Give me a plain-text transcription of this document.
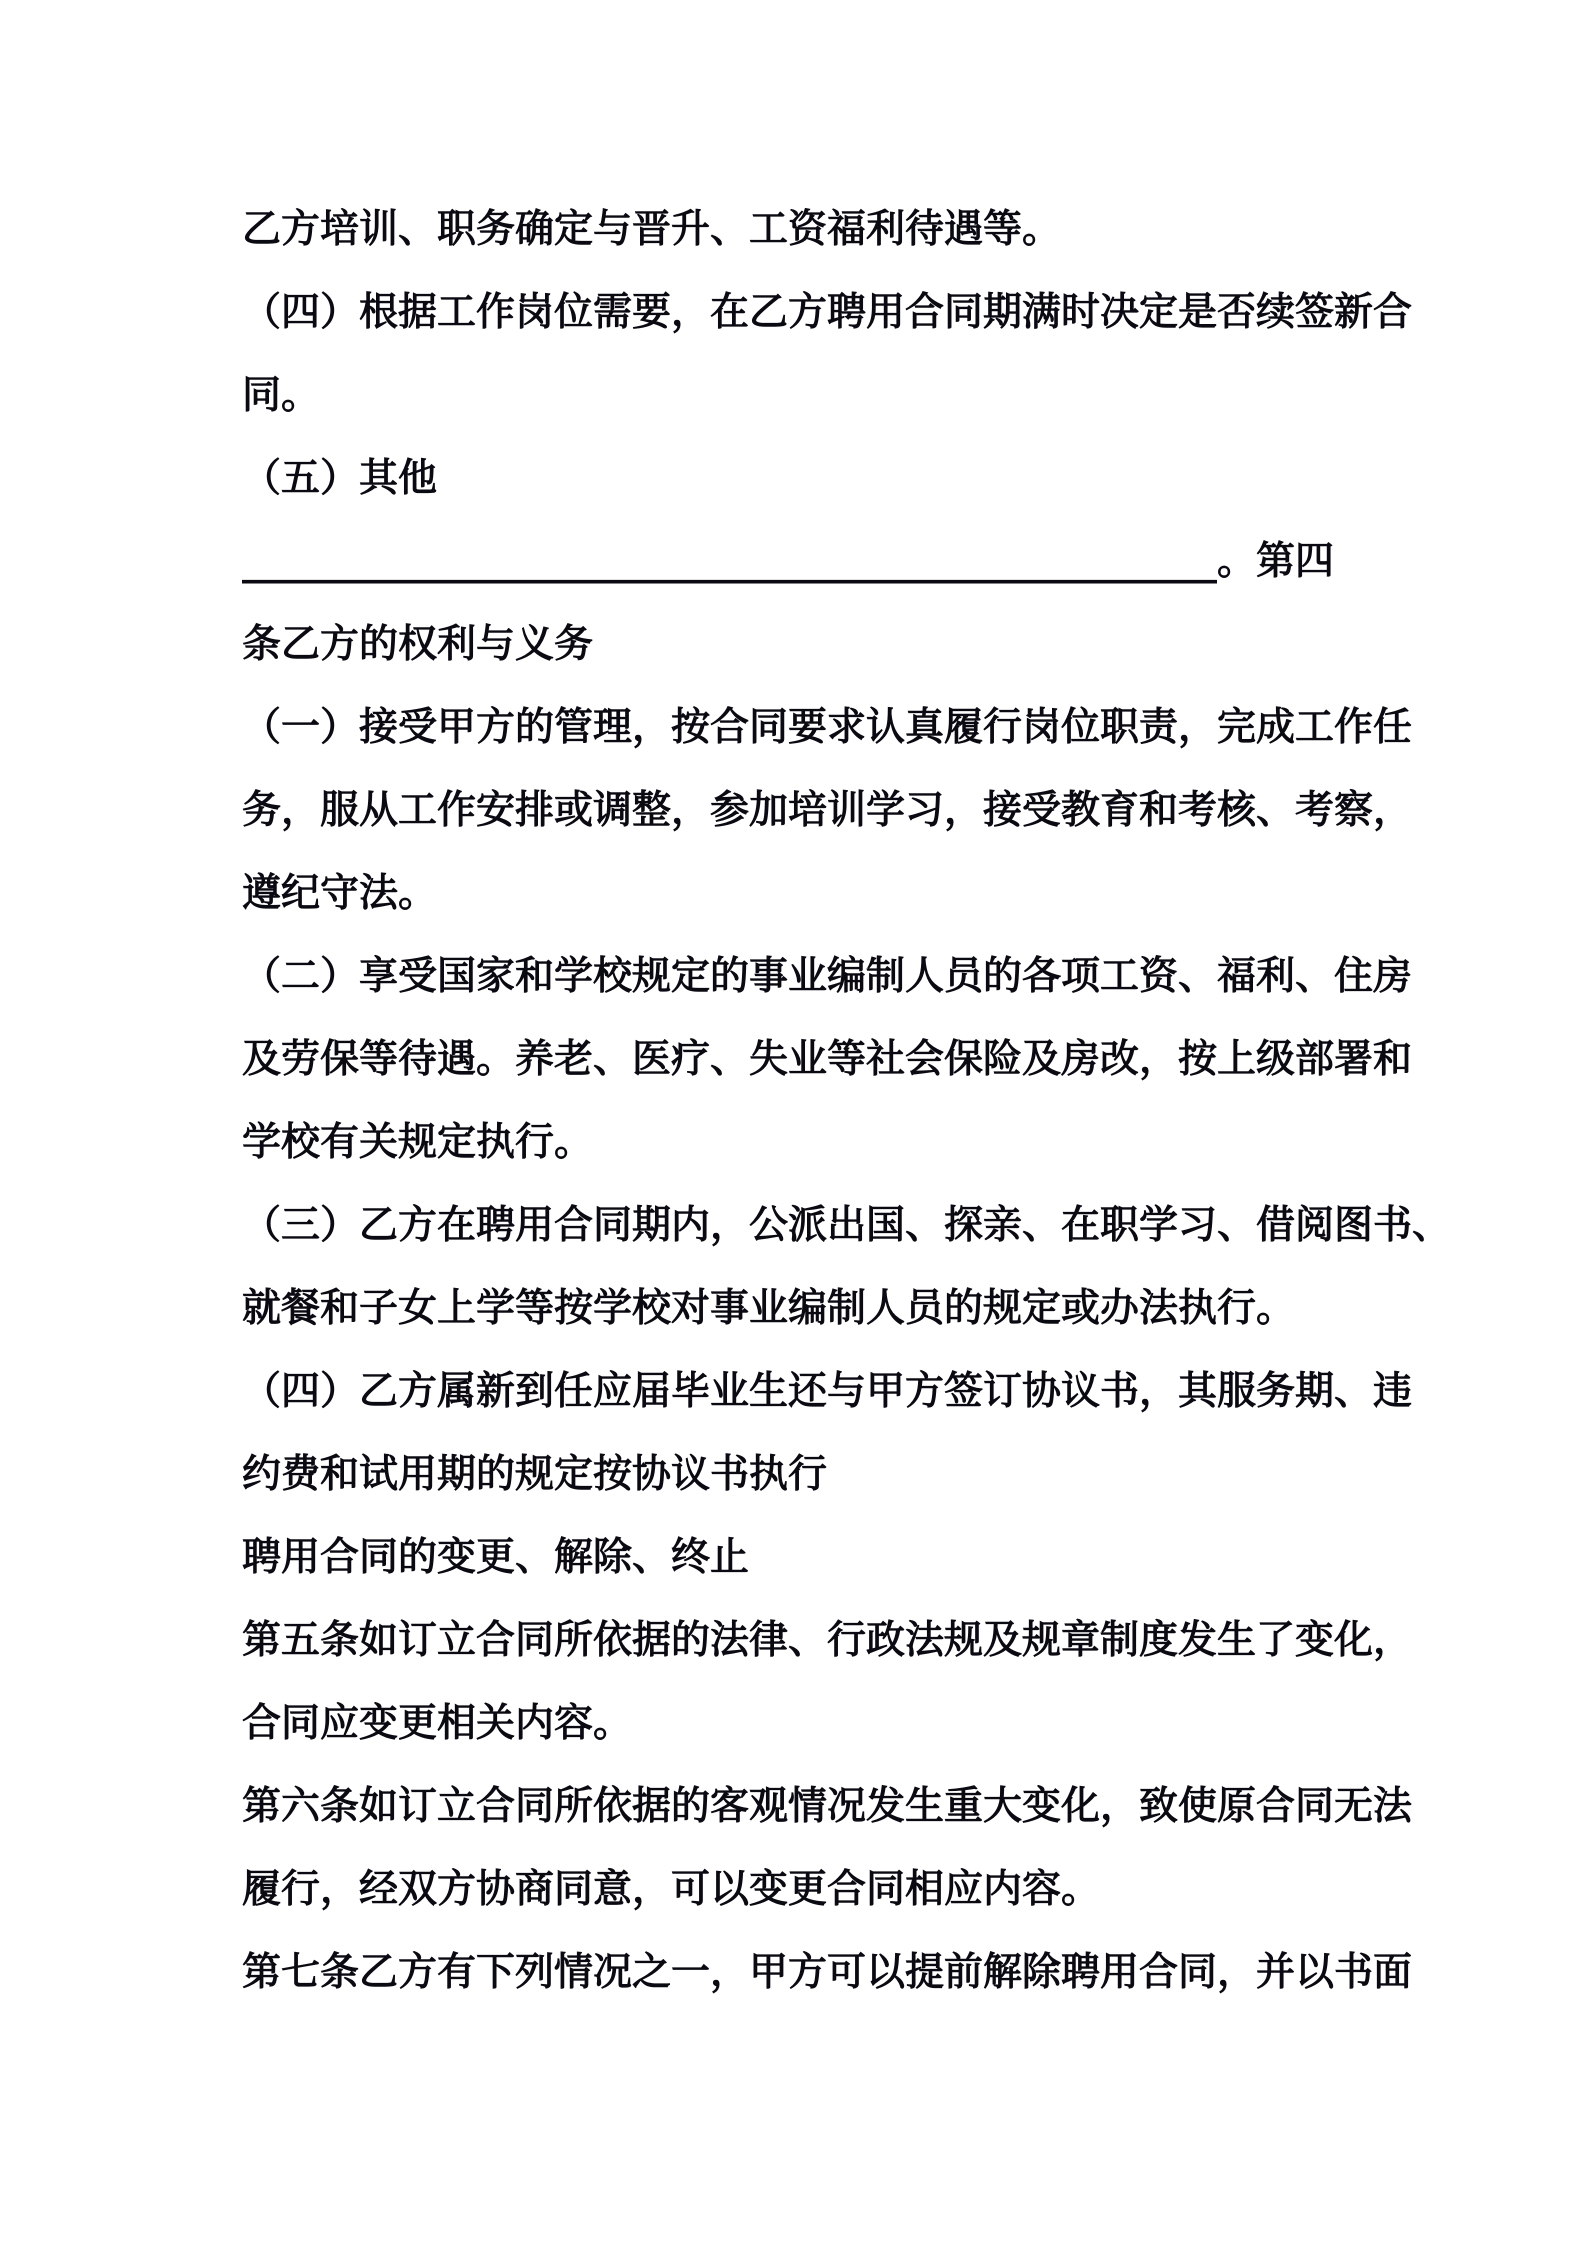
乙方培训、职务确定与晋升、工资福利待遇等。
（四）根据工作岗位需要，在乙方聘用合同期满时决定是否续签新合
同。
（五）其他
__________________________________________________。第四
条乙方的权利与义务
（一）接受甲方的管理，按合同要求认真履行岗位职责，完成工作任
务，服从工作安排或调整，参加培训学习，接受教育和考核、考察，
遵纪守法。
（二）享受国家和学校规定的事业编制人员的各项工资、福利、住房
及劳保等待遇。养老、医疗、失业等社会保险及房改，按上级部署和
学校有关规定执行。
（三）乙方在聘用合同期内，公派出国、探亲、在职学习、借阅图书、
就餐和子女上学等按学校对事业编制人员的规定或办法执行。
（四）乙方属新到任应届毕业生还与甲方签订协议书，其服务期、违
约费和试用期的规定按协议书执行
聘用合同的变更、解除、终止
第五条如订立合同所依据的法律、行政法规及规章制度发生了变化，
合同应变更相关内容。
第六条如订立合同所依据的客观情况发生重大变化，致使原合同无法
履行，经双方协商同意，可以变更合同相应内容。
第七条乙方有下列情况之一，甲方可以提前解除聘用合同，并以书面
